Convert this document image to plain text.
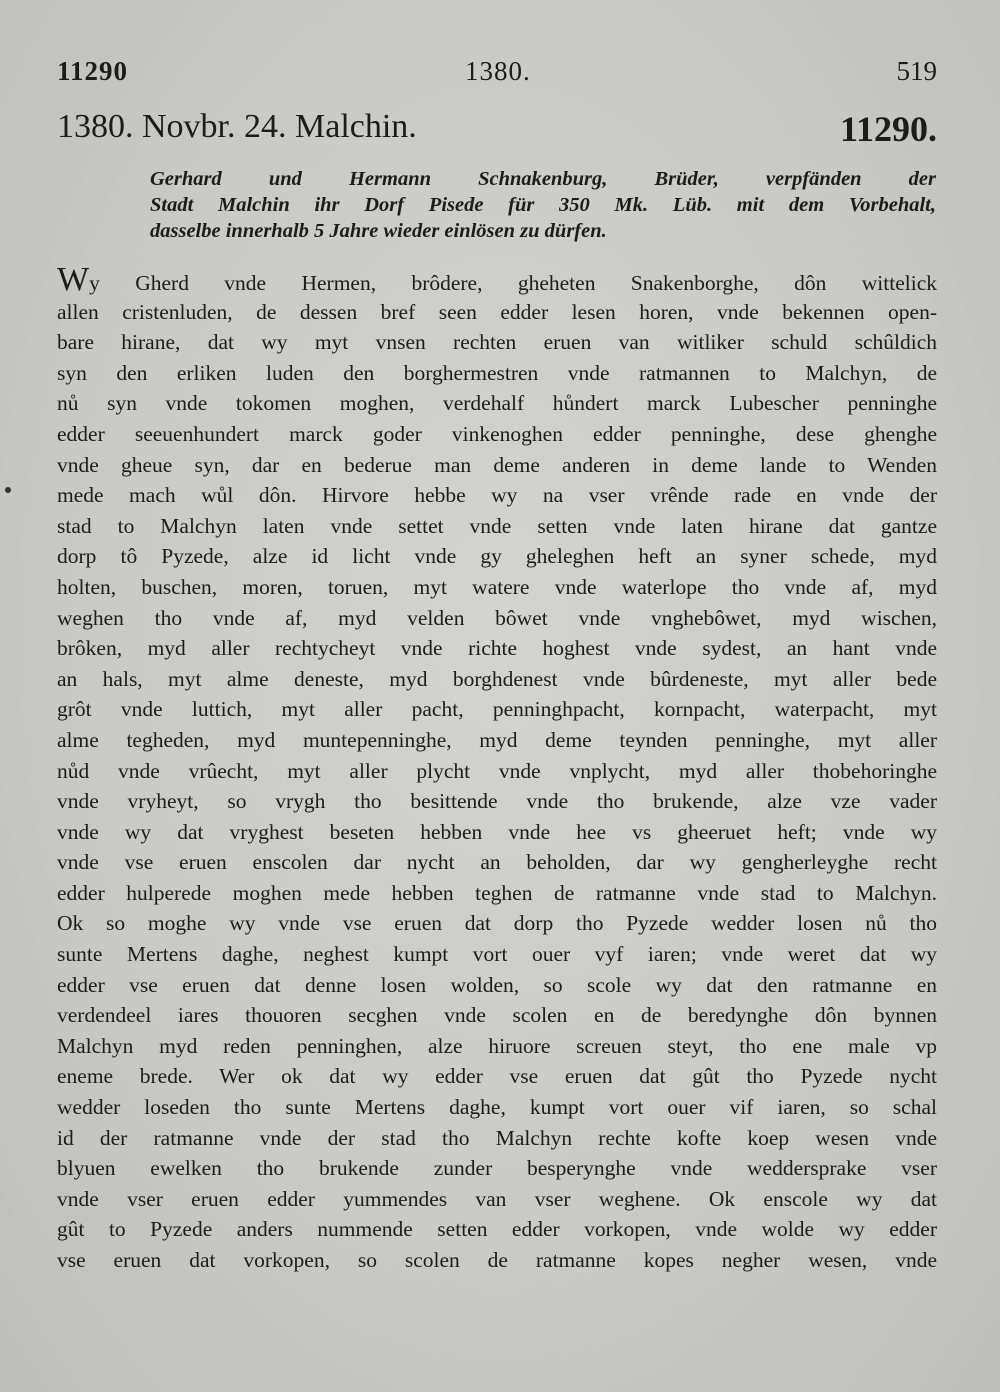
11290	1380.	519
1380. Novbr. 24. Malchin.	11290.
Gerhard und Hermann Schnakenburg, Brüder, verpfänden der
Stadt Malchin ihr Dorf Pisede für 350 Mk. Lüb. mit dem Vorbehalt,
dasselbe innerhalb 5 Jahre wieder einlösen zu dürfen.
Wy Gherd vnde Hermen, brôdere, gheheten Snakenborghe, dôn wittelick
allen cristenluden, de dessen bref seen edder lesen horen, vnde bekennen open-
bare hirane, dat wy myt vnsen rechten eruen van witliker schuld schûldich
syn den erliken luden den borghermestren vnde ratmannen to Malchyn, de
nů syn vnde tokomen moghen, verdehalf hůndert marck Lubescher penninghe
edder seeuenhundert marck goder vinkenoghen edder penninghe, dese ghenghe
vnde gheue syn, dar en bederue man deme anderen in deme lande to Wenden
mede mach wůl dôn. Hirvore hebbe wy na vser vrênde rade en vnde der
stad to Malchyn laten vnde settet vnde setten vnde laten hirane dat gantze
dorp tô Pyzede, alze id licht vnde gy gheleghen heft an syner schede, myd
holten, buschen, moren, toruen, myt watere vnde waterlope tho vnde af, myd
weghen tho vnde af, myd velden bôwet vnde vnghebôwet, myd wischen,
brôken, myd aller rechtycheyt vnde richte hoghest vnde sydest, an hant vnde
an hals, myt alme deneste, myd borghdenest vnde bûrdeneste, myt aller bede
grôt vnde luttich, myt aller pacht, penninghpacht, kornpacht, waterpacht, myt
alme tegheden, myd muntepenninghe, myd deme teynden penninghe, myt aller
nůd vnde vrûecht, myt aller plycht vnde vnplycht, myd aller thobehoringhe
vnde vryheyt, so vrygh tho besittende vnde tho brukende, alze vze vader
vnde wy dat vryghest beseten hebben vnde hee vs gheeruet heft; vnde wy
vnde vse eruen enscolen dar nycht an beholden, dar wy gengherleyghe recht
edder hulperede moghen mede hebben teghen de ratmanne vnde stad to Malchyn.
Ok so moghe wy vnde vse eruen dat dorp tho Pyzede wedder losen nů tho
sunte Mertens daghe, neghest kumpt vort ouer vyf iaren; vnde weret dat wy
edder vse eruen dat denne losen wolden, so scole wy dat den ratmanne en
verdendeel iares thouoren secghen vnde scolen en de beredynghe dôn bynnen
Malchyn myd reden penninghen, alze hiruore screuen steyt, tho ene male vp
eneme brede. Wer ok dat wy edder vse eruen dat gût tho Pyzede nycht
wedder loseden tho sunte Mertens daghe, kumpt vort ouer vif iaren, so schal
id der ratmanne vnde der stad tho Malchyn rechte kofte koep wesen vnde
blyuen ewelken tho brukende zunder besperynghe vnde weddersprake vser
vnde vser eruen edder yummendes van vser weghene. Ok enscole wy dat
gût to Pyzede anders nummende setten edder vorkopen, vnde wolde wy edder
vse eruen dat vorkopen, so scolen de ratmanne kopes negher wesen, vnde
